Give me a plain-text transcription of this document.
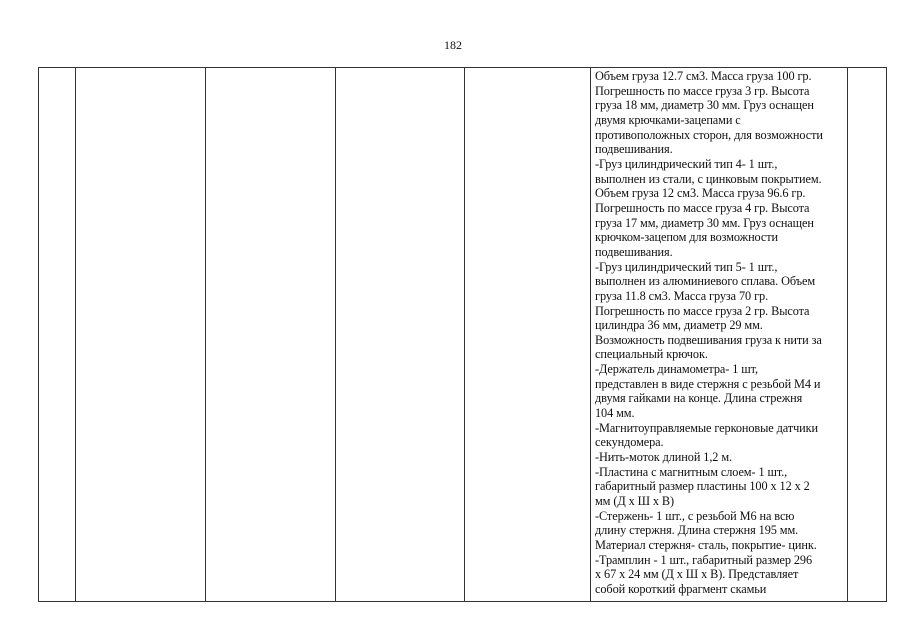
182

Объем груза 12.7 см3. Масса груза 100 гр.
Погрешность по массе груза 3 гр. Высота
груза 18 мм, диаметр 30 мм. Груз оснащен
двумя крючками-зацепами с
противоположных сторон, для возможности
подвешивания.
-Груз цилиндрический тип 4- 1 шт.,
выполнен из стали, с цинковым покрытием.
Объем груза 12 см3. Масса груза 96.6 гр.
Погрешность по массе груза 4 гр. Высота
груза 17 мм, диаметр 30 мм. Груз оснащен
крючком-зацепом для возможности
подвешивания.
-Груз цилиндрический тип 5- 1 шт.,
выполнен из алюминиевого сплава. Объем
груза 11.8 см3. Масса груза 70 гр.
Погрешность по массе груза 2 гр. Высота
цилиндра 36 мм, диаметр 29 мм.
Возможность подвешивания груза к нити за
специальный крючок.
-Держатель динамометра- 1 шт,
представлен в виде стержня с резьбой М4 и
двумя гайками на конце. Длина стрежня
104 мм.
-Магнитоуправляемые герконовые датчики
секундомера.
-Нить-моток длиной 1,2 м.
-Пластина с магнитным слоем- 1 шт.,
габаритный размер пластины 100 х 12 х 2
мм (Д х Ш х В)
-Стержень- 1 шт., с резьбой М6 на всю
длину стержня. Длина стержня 195 мм.
Материал стержня- сталь, покрытие- цинк.
-Трамплин - 1 шт., габаритный размер 296
х 67 х 24 мм (Д х Ш х В). Представляет
собой короткий фрагмент скамьи
